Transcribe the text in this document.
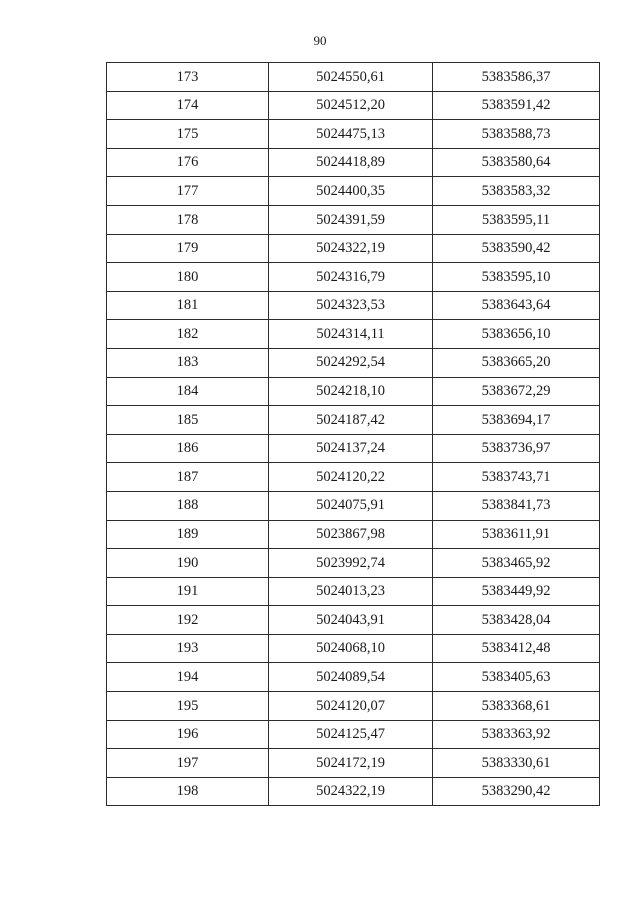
90
173	5024550,61	5383586,37
174	5024512,20	5383591,42
175	5024475,13	5383588,73
176	5024418,89	5383580,64
177	5024400,35	5383583,32
178	5024391,59	5383595,11
179	5024322,19	5383590,42
180	5024316,79	5383595,10
181	5024323,53	5383643,64
182	5024314,11	5383656,10
183	5024292,54	5383665,20
184	5024218,10	5383672,29
185	5024187,42	5383694,17
186	5024137,24	5383736,97
187	5024120,22	5383743,71
188	5024075,91	5383841,73
189	5023867,98	5383611,91
190	5023992,74	5383465,92
191	5024013,23	5383449,92
192	5024043,91	5383428,04
193	5024068,10	5383412,48
194	5024089,54	5383405,63
195	5024120,07	5383368,61
196	5024125,47	5383363,92
197	5024172,19	5383330,61
198	5024322,19	5383290,42
